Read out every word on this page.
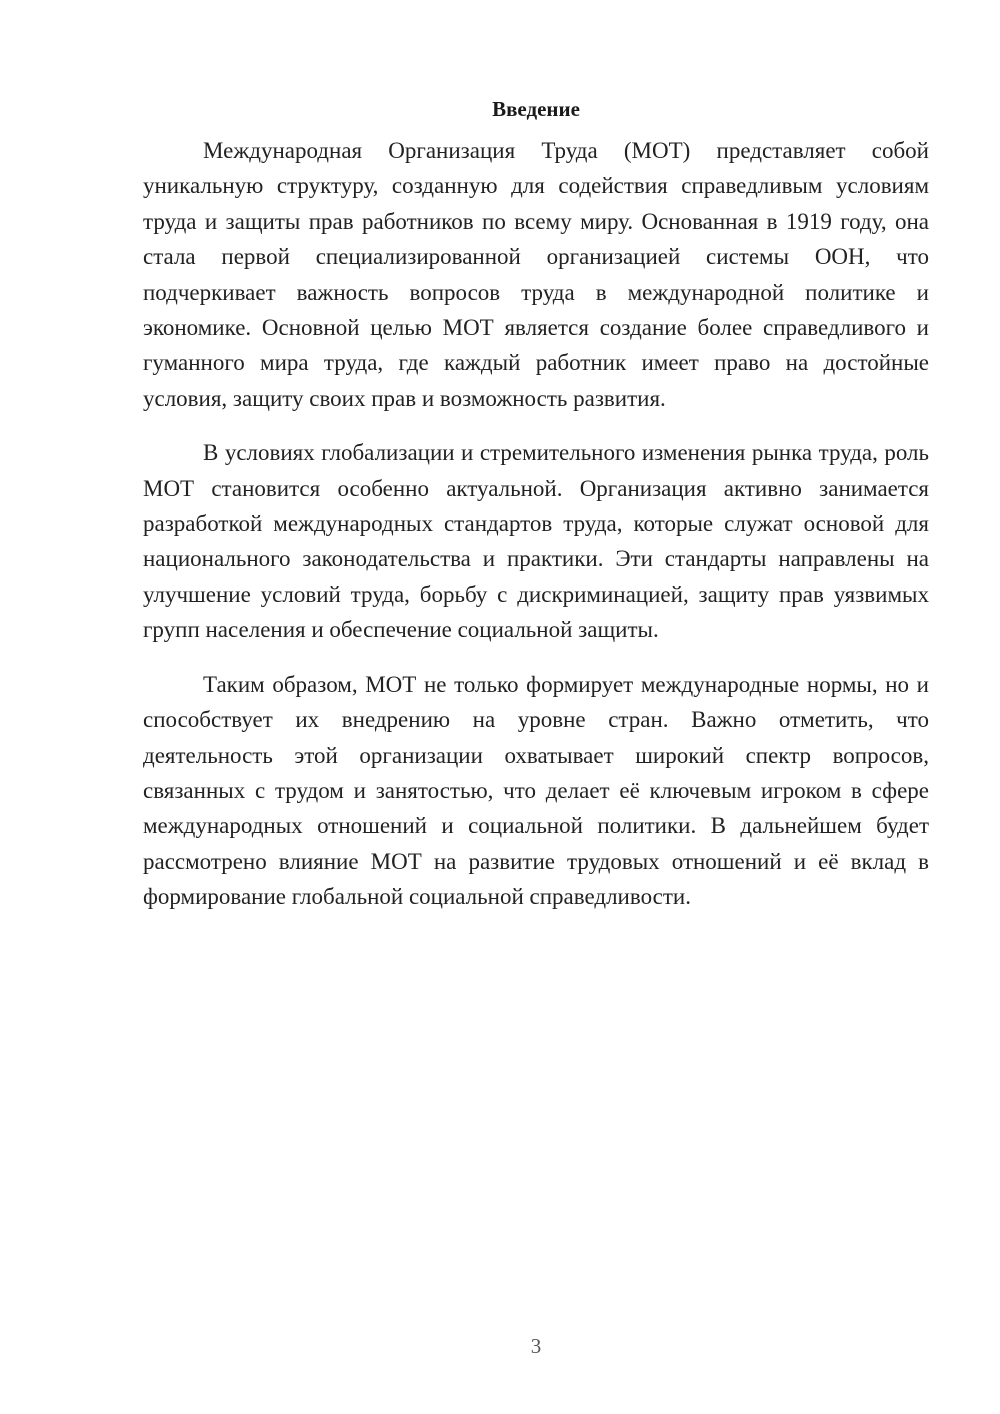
Введение

Международная Организация Труда (МОТ) представляет собой уникальную структуру, созданную для содействия справедливым условиям труда и защиты прав работников по всему миру. Основанная в 1919 году, она стала первой специализированной организацией системы ООН, что подчеркивает важность вопросов труда в международной политике и экономике. Основной целью МОТ является создание более справедливого и гуманного мира труда, где каждый работник имеет право на достойные условия, защиту своих прав и возможность развития.

В условиях глобализации и стремительного изменения рынка труда, роль МОТ становится особенно актуальной. Организация активно занимается разработкой международных стандартов труда, которые служат основой для национального законодательства и практики. Эти стандарты направлены на улучшение условий труда, борьбу с дискриминацией, защиту прав уязвимых групп населения и обеспечение социальной защиты.

Таким образом, МОТ не только формирует международные нормы, но и способствует их внедрению на уровне стран. Важно отметить, что деятельность этой организации охватывает широкий спектр вопросов, связанных с трудом и занятостью, что делает её ключевым игроком в сфере международных отношений и социальной политики. В дальнейшем будет рассмотрено влияние МОТ на развитие трудовых отношений и её вклад в формирование глобальной социальной справедливости.

3
